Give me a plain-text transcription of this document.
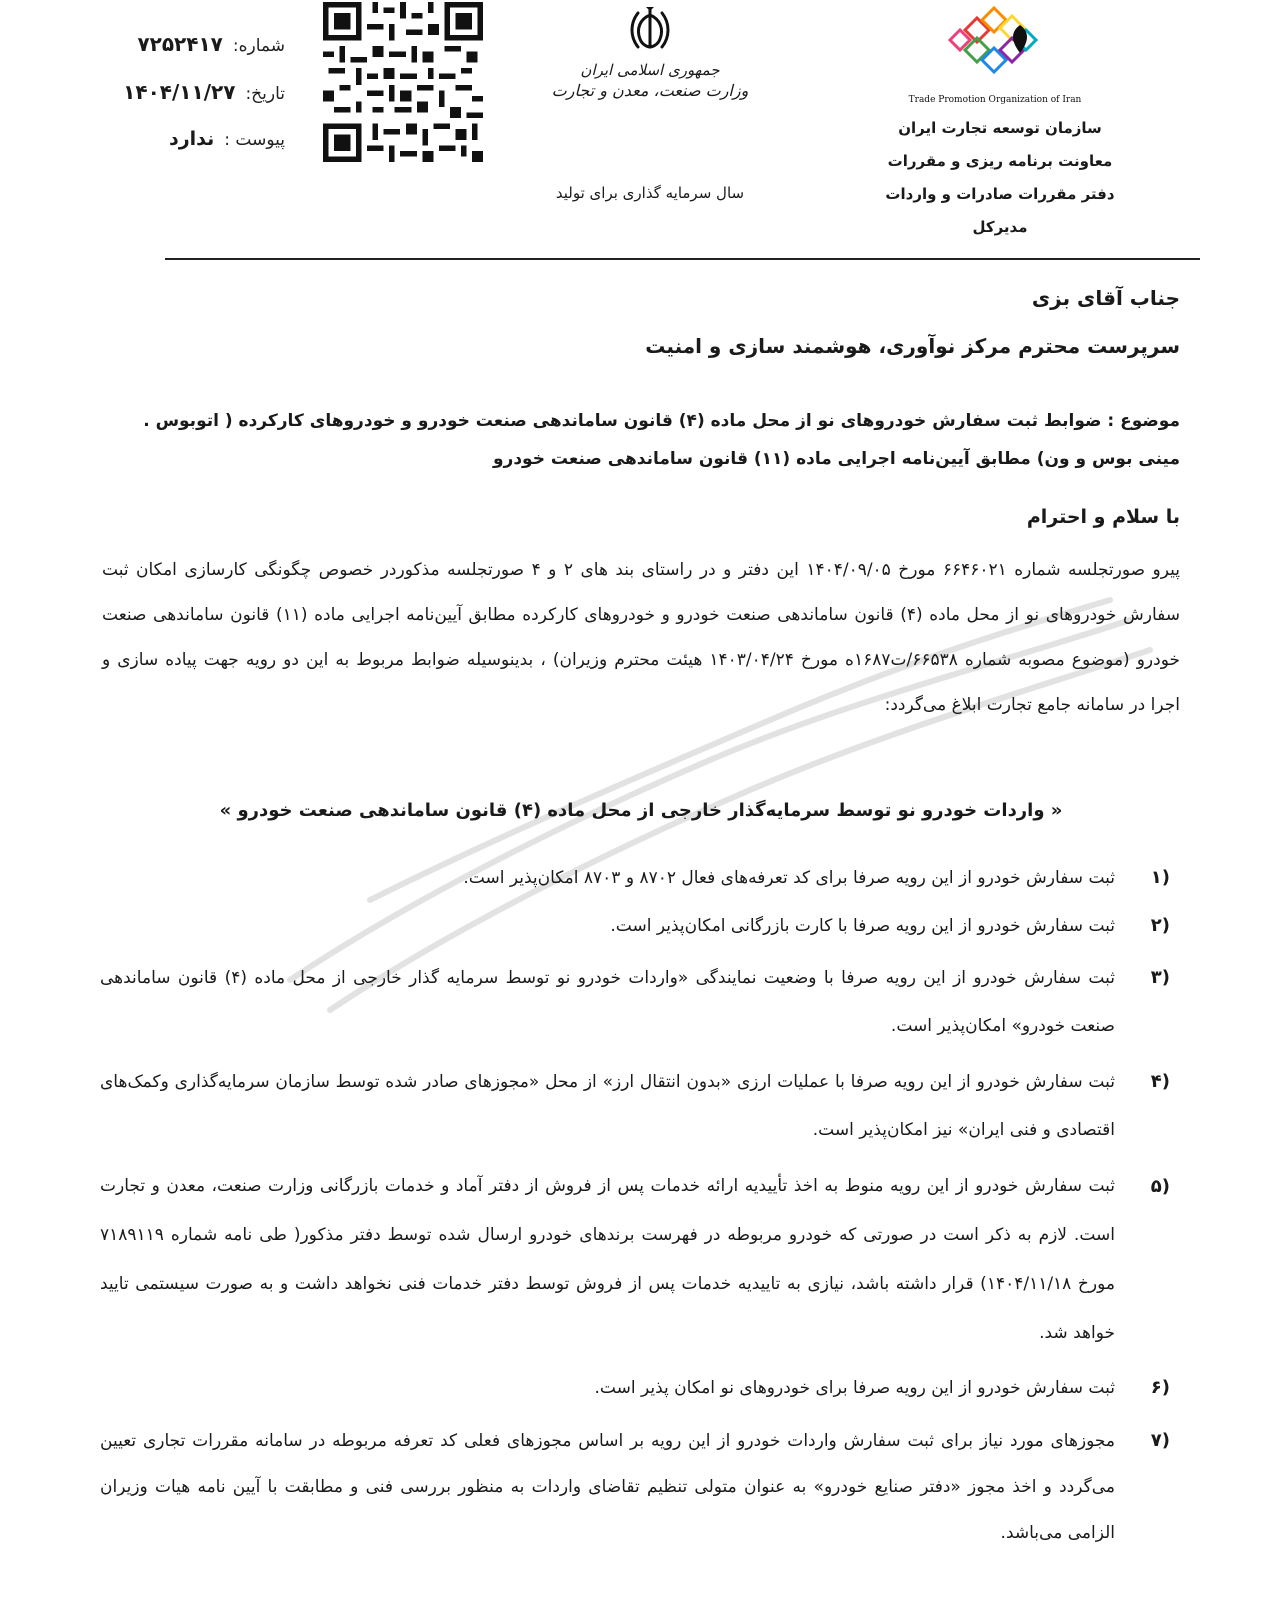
شماره:
۷۲۵۲۴۱۷
تاریخ:
۱۴۰۴/۱۱/۲۷
پیوست :
ندارد
جمهوری اسلامی ایران
وزارت صنعت، معدن و تجارت
سال سرمایه گذاری برای تولید
Trade Promotion Organization of Iran
سازمان توسعه تجارت ایران
معاونت برنامه ریزی و مقررات
دفتر مقررات صادرات و واردات
مدیرکل
جناب آقای بزی
سرپرست محترم مرکز نوآوری، هوشمند سازی و امنیت
موضوع : ضوابط ثبت سفارش خودروهای نو از محل ماده (۴) قانون ساماندهی صنعت خودرو و خودروهای کارکرده ( اتوبوس . مینی بوس و ون) مطابق آیین‌نامه اجرایی ماده (۱۱) قانون ساماندهی صنعت خودرو
با سلام و احترام
پیرو صورتجلسه شماره ۶۶۴۶۰۲۱ مورخ ۱۴۰۴/۰۹/۰۵ این دفتر و در راستای بند های ۲ و ۴ صورتجلسه مذکوردر خصوص چگونگی کارسازی امکان ثبت سفارش خودروهای نو از محل ماده (۴) قانون ساماندهی صنعت خودرو و خودروهای کارکرده مطابق آیین‌نامه اجرایی ماده (۱۱) قانون ساماندهی صنعت خودرو (موضوع مصوبه شماره ۶۶۵۳۸/ت۱۶۸۷ه مورخ ۱۴۰۳/۰۴/۲۴ هیئت محترم وزیران) ، بدینوسیله ضوابط مربوط به این دو رویه جهت پیاده سازی و اجرا در سامانه جامع تجارت ابلاغ می‌گردد:
« واردات خودرو نو توسط سرمایه‌گذار خارجی از محل ماده (۴) قانون ساماندهی صنعت خودرو »
(۱
ثبت سفارش خودرو از این رویه صرفا برای کد تعرفه‌های فعال ۸۷۰۲ و ۸۷۰۳ امکان‌پذیر است.
(۲
ثبت سفارش خودرو از این رویه صرفا با کارت بازرگانی امکان‌پذیر است.
(۳
ثبت سفارش خودرو از این رویه صرفا با وضعیت نمایندگی «واردات خودرو نو توسط سرمایه گذار خارجی از محل ماده (۴) قانون ساماندهی صنعت خودرو» امکان‌پذیر است.
(۴
ثبت سفارش خودرو از این رویه صرفا با عملیات ارزی «بدون انتقال ارز» از محل «مجوزهای صادر شده توسط سازمان سرمایه‌گذاری وکمک‌های اقتصادی و فنی ایران» نیز امکان‌پذیر است.
(۵
ثبت سفارش خودرو از این رویه منوط به اخذ تأییدیه ارائه خدمات پس از فروش از دفتر آماد و خدمات بازرگانی وزارت صنعت، معدن و تجارت است. لازم به ذکر است در صورتی که خودرو مربوطه در فهرست برندهای خودرو ارسال شده توسط دفتر مذکور( طی نامه شماره ۷۱۸۹۱۱۹ مورخ ۱۴۰۴/۱۱/۱۸) قرار داشته باشد، نیازی به تاییدیه خدمات پس از فروش توسط دفتر خدمات فنی نخواهد داشت و به صورت سیستمی تایید خواهد شد.
(۶
ثبت سفارش خودرو از این رویه صرفا برای خودروهای نو امکان پذیر است.
(۷
مجوزهای مورد نیاز برای ثبت سفارش واردات خودرو از این رویه بر اساس مجوزهای فعلی کد تعرفه مربوطه در سامانه مقررات تجاری تعیین می‌گردد و اخذ مجوز «دفتر صنایع خودرو» به عنوان متولی تنظیم تقاضای واردات به منظور بررسی فنی و مطابقت با آیین نامه هیات وزیران الزامی می‌باشد.
